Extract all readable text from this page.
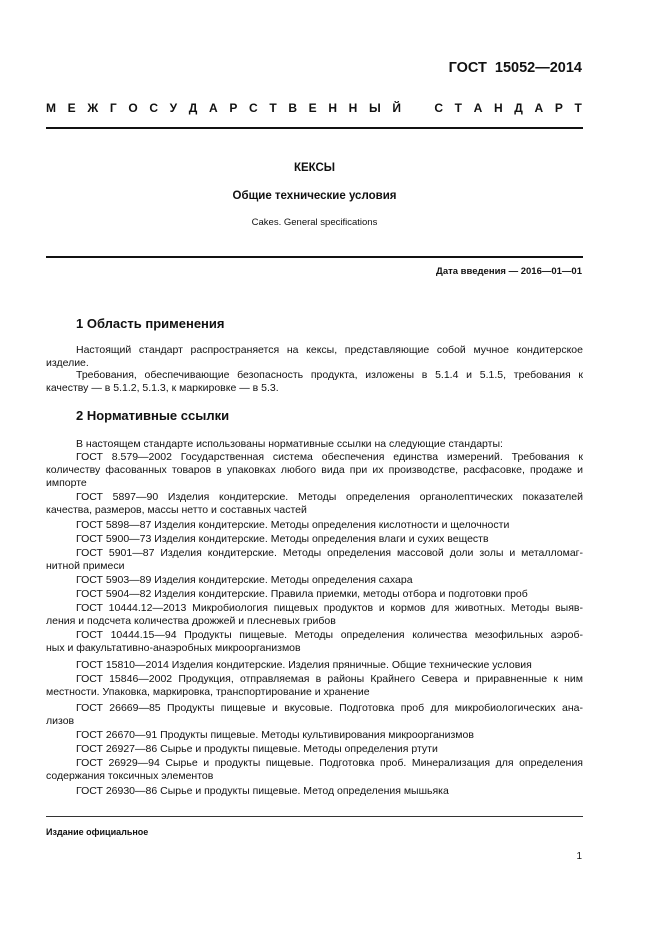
ГОСТ  15052—2014
М Е Ж Г О С У Д А Р С Т В Е Н Н Ы Й	С Т А Н Д А Р Т
КЕКСЫ
Общие технические условия
Cakes. General specifications
Дата введения — 2016—01—01
1 Область применения
Настоящий стандарт распространяется на кексы, представляющие собой мучное кондитерское
изделие.
Требования, обеспечивающие безопасность продукта, изложены в 5.1.4 и 5.1.5, требования к
качеству — в 5.1.2, 5.1.3, к маркировке — в 5.3.
2 Нормативные ссылки
В настоящем стандарте использованы нормативные ссылки на следующие стандарты:
ГОСТ 8.579—2002 Государственная система обеспечения единства измерений. Требования к
количеству фасованных товаров в упаковках любого вида при их производстве, расфасовке, продаже и
импорте
ГОСТ 5897—90 Изделия кондитерские. Методы определения органолептических показателей
качества, размеров, массы нетто и составных частей
ГОСТ 5898—87 Изделия кондитерские. Методы определения кислотности и щелочности
ГОСТ 5900—73 Изделия кондитерские. Методы определения влаги и сухих веществ
ГОСТ 5901—87 Изделия кондитерские. Методы определения массовой доли золы и металломаг-
нитной примеси
ГОСТ 5903—89 Изделия кондитерские. Методы определения сахара
ГОСТ 5904—82 Изделия кондитерские. Правила приемки, методы отбора и подготовки проб
ГОСТ 10444.12—2013 Микробиология пищевых продуктов и кормов для животных. Методы выяв-
ления и подсчета количества дрожжей и плесневых грибов
ГОСТ 10444.15—94 Продукты пищевые. Методы определения количества мезофильных аэроб-
ных и факультативно-анаэробных микроорганизмов
ГОСТ 15810—2014 Изделия кондитерские. Изделия пряничные. Общие технические условия
ГОСТ 15846—2002 Продукция, отправляемая в районы Крайнего Севера и приравненные к ним
местности. Упаковка, маркировка, транспортирование и хранение
ГОСТ 26669—85 Продукты пищевые и вкусовые. Подготовка проб для микробиологических ана-
лизов
ГОСТ 26670—91 Продукты пищевые. Методы культивирования микроорганизмов
ГОСТ 26927—86 Сырье и продукты пищевые. Методы определения ртути
ГОСТ 26929—94 Сырье и продукты пищевые. Подготовка проб. Минерализация для определения
содержания токсичных элементов
ГОСТ 26930—86 Сырье и продукты пищевые. Метод определения мышьяка
Издание официальное
1
